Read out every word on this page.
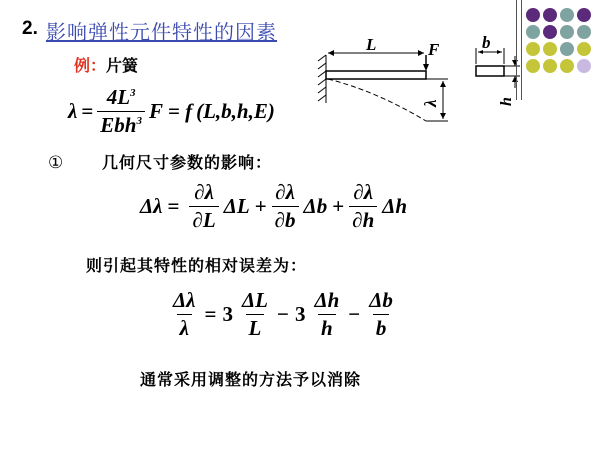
2. 影响弹性元件特性的因素
例：片簧
$\lambda = \frac{4L^3}{Ebh^3}$ F = f (L,b,h,E)
L	F
λ
b
h
① 几何尺寸参数的影响：
$\Delta\lambda = \frac{\partial\lambda}{\partial L}$ $\Delta L + \frac{\partial\lambda}{\partial b}$ $\Delta b + \frac{\partial\lambda}{\partial h}$ Δh
则引起其特性的相对误差为：
$\frac{\Delta\lambda}{\lambda} = 3 \frac{\Delta L}{L} - 3 \frac{\Delta h}{h} - \frac{\Delta b}{b}$
通常采用调整的方法予以消除
